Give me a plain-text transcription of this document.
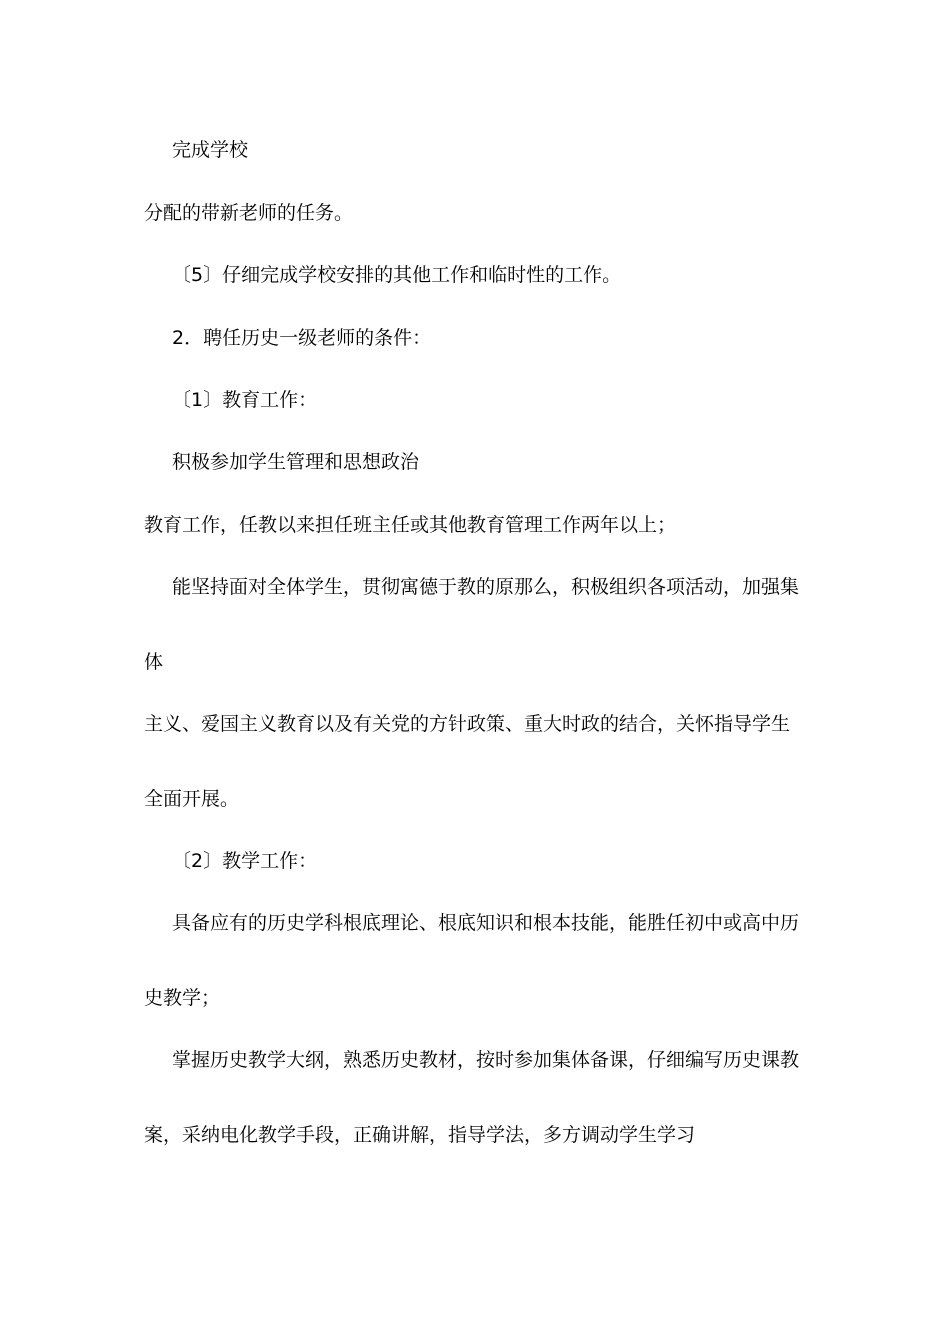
完成学校
分配的带新老师的任务。
〔5〕仔细完成学校安排的其他工作和临时性的工作。
2．聘任历史一级老师的条件：
〔1〕教育工作：
积极参加学生管理和思想政治
教育工作，任教以来担任班主任或其他教育管理工作两年以上；
能坚持面对全体学生，贯彻寓德于教的原那么，积极组织各项活动，加强集
体
主义、爱国主义教育以及有关党的方针政策、重大时政的结合，关怀指导学生
全面开展。
〔2〕教学工作：
具备应有的历史学科根底理论、根底知识和根本技能，能胜任初中或高中历
史教学；
掌握历史教学大纲，熟悉历史教材，按时参加集体备课，仔细编写历史课教
案，采纳电化教学手段，正确讲解，指导学法，多方调动学生学习
